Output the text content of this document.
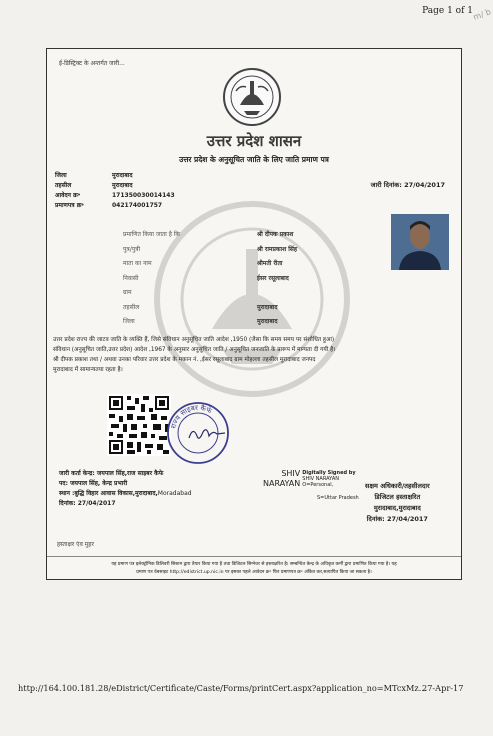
Page 1 of 1
m/ b
ई-डिस्ट्रिक्ट के अन्तर्गत जारी...
उत्तर प्रदेश शासन
उत्तर प्रदेश के अनुसूचित जाति के लिए जाति प्रमाण पत्र
जिला	मुरादाबाद
तहसील	मुरादाबाद
आवेदन क्र॰	171350030014143
प्रमाणपत्र क्र॰	042174001757
जारी दिनांक: 27/04/2017
प्रमाणित किया जाता है कि	श्री दीपक प्रकाश
पुत्र/पुत्री	श्री रामप्रकाश सिंह
माता का नाम	श्रीमती रीता
निवासी	ईसर रसूलाबाद
ग्राम
तहसील	मुरादाबाद
जिला	मुरादाबाद
उत्तर प्रदेश राज्य की जाटव जाति के व्यक्ति हैं, जिसे संविधान अनुसूचित जाति आदेश ,1950 (जैसा कि समय समय पर संशोधित हुआ)
संविधान (अनुसूचित जाति,उत्तर प्रदेश) आदेश ,1967 के अनुसार अनुसूचित जाति / अनुसूचित जनजाति के प्रारूप में मान्यता दी गयी है।
श्री दीपक प्रकाश तथा / अथवा उनका परिवार उत्तर प्रदेश के मकान नं. ,ईसर रसूलाबाद ग्राम मोहल्ला तहसील मुरादाबाद जनपद
मुरादाबाद में सामान्यतया रहता है।
राज्य साइबर कैफे
जारी कर्ता केन्द्र: जयपाल सिंह,राज साइबर कैफे
पद: जयपाल सिंह, केन्द्र प्रभारी
स्थान :बुद्धि विहार आवास विकास,मुरादाबाद,Moradabad
दिनांक: 27/04/2017
SHIV
NARAYAN
Digitally Signed by
SHIV NARAYAN
O=Personal,
S=Uttar Pradesh
सक्षम अधिकारी/तहसीलदार
डिजिटल हस्ताक्षरित
मुरादाबाद,मुरादाबाद
दिनांक: 27/04/2017
हस्ताक्षर एंव मुहर
यह प्रमाण पत्र इलेक्ट्रॉनिक डिलिवरी सिस्टम द्वारा तैयार किया गया है तथा डिजिटल सिग्नेचर से हस्ताक्षरित है। सम्बन्धित केन्द्र के अधिकृत कर्मी द्वारा प्रमाणित किया गया है। यह
प्रमाण पत्र वेबसाइट http://edistrict.up.nic.in पर इसका पहले आवेदन क्र॰ फिर प्रमाणपत्र क्र॰ अंकित कर,सत्यापित किया जा सकता है।
http://164.100.181.28/eDistrict/Certificate/Caste/Forms/printCert.aspx?application_no=MTcxMz...
27-Apr-17
